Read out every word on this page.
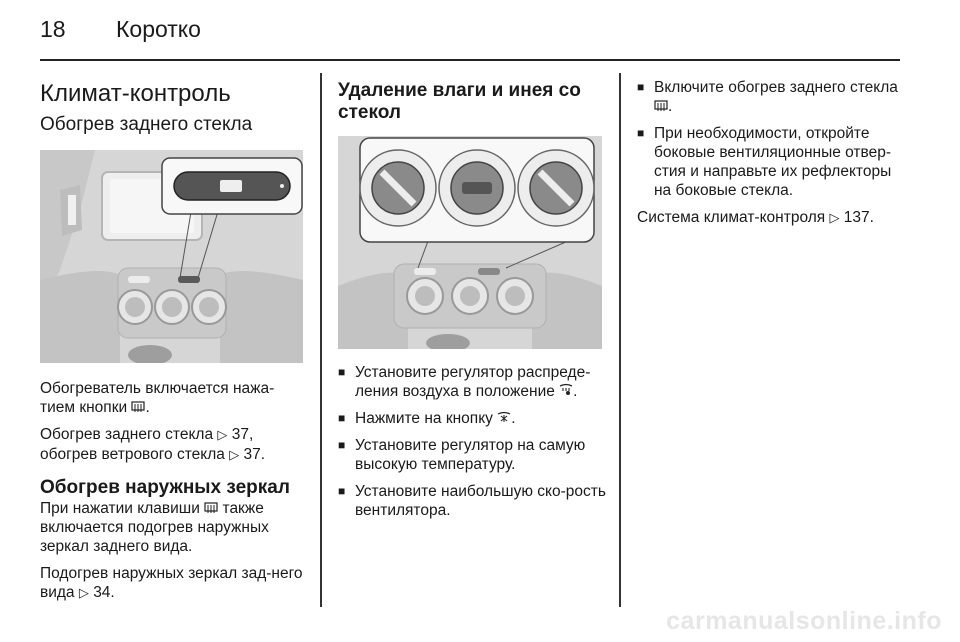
18 Коротко
Климат-контроль
Обогрев заднего стекла

Обогреватель включается нажа-тием кнопки .

Обогрев заднего стекла ▷ 37,
обогрев ветрового стекла ▷ 37.

Обогрев наружных зеркал

При нажатии клавиши также включается подогрев наружных зеркал заднего вида.

Подогрев наружных зеркал зад-него вида ▷ 34.

Удаление влаги и инея со стекол
■ Установите регулятор распреде-ления воздуха в положение .
■ Нажмите на кнопку .
■ Установите регулятор на самую высокую температуру.
■ Установите наибольшую ско-рость вентилятора.
■ Включите обогрев заднего стекла .
■ При необходимости, откройте боковые вентиляционные отвер-стия и направьте их рефлекторы на боковые стекла.

Система климат-контроля ▷ 137.

carmanualsonline.info
